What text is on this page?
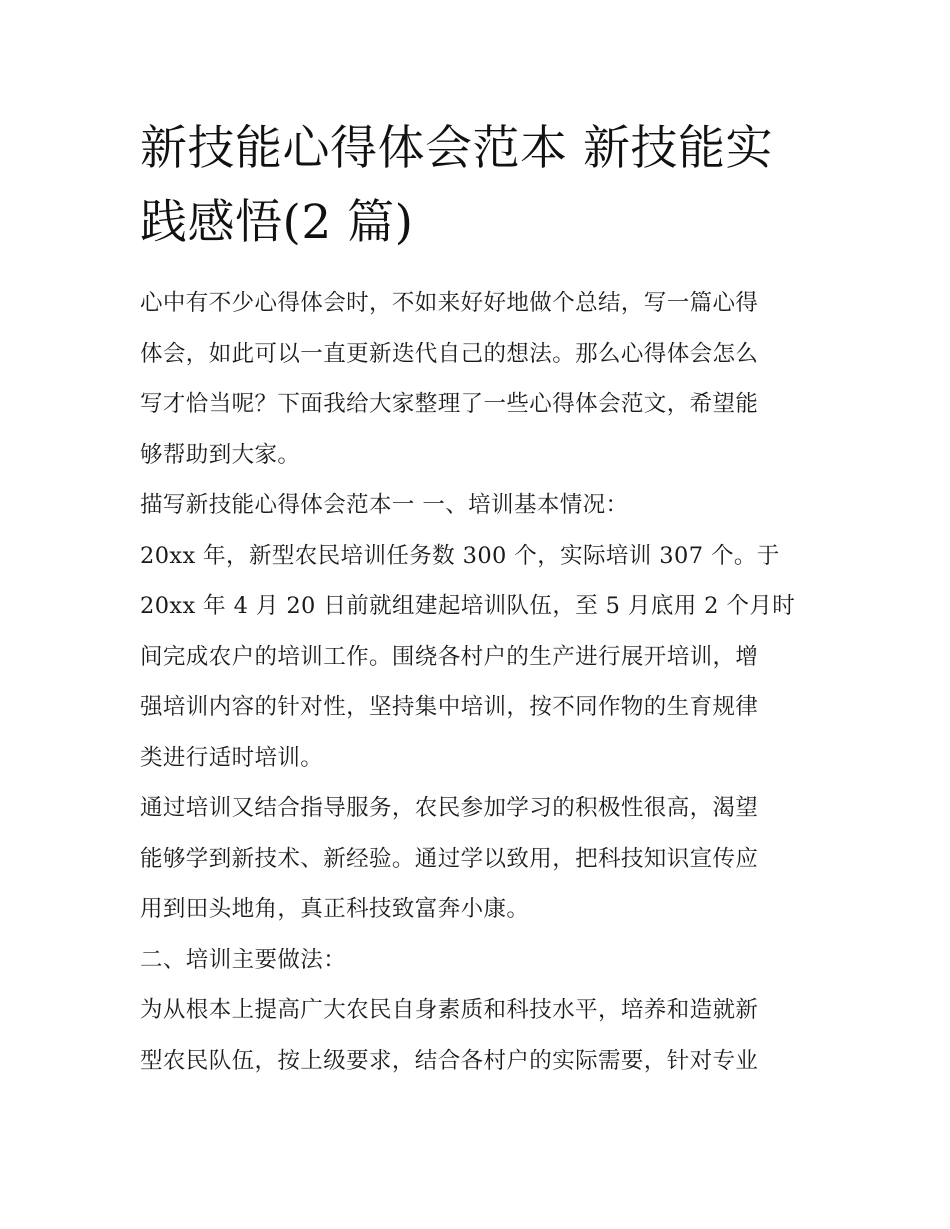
新技能心得体会范本 新技能实
践感悟(2 篇)
心中有不少心得体会时，不如来好好地做个总结，写一篇心得
体会，如此可以一直更新迭代自己的想法。那么心得体会怎么
写才恰当呢？下面我给大家整理了一些心得体会范文，希望能
够帮助到大家。
描写新技能心得体会范本一 一、培训基本情况：
20xx 年，新型农民培训任务数 300 个，实际培训 307 个。于
20xx 年 4 月 20 日前就组建起培训队伍，至 5 月底用 2 个月时
间完成农户的培训工作。围绕各村户的生产进行展开培训，增
强培训内容的针对性，坚持集中培训，按不同作物的生育规律
类进行适时培训。
通过培训又结合指导服务，农民参加学习的积极性很高，渴望
能够学到新技术、新经验。通过学以致用，把科技知识宣传应
用到田头地角，真正科技致富奔小康。
二、培训主要做法：
为从根本上提高广大农民自身素质和科技水平，培养和造就新
型农民队伍，按上级要求，结合各村户的实际需要，针对专业
